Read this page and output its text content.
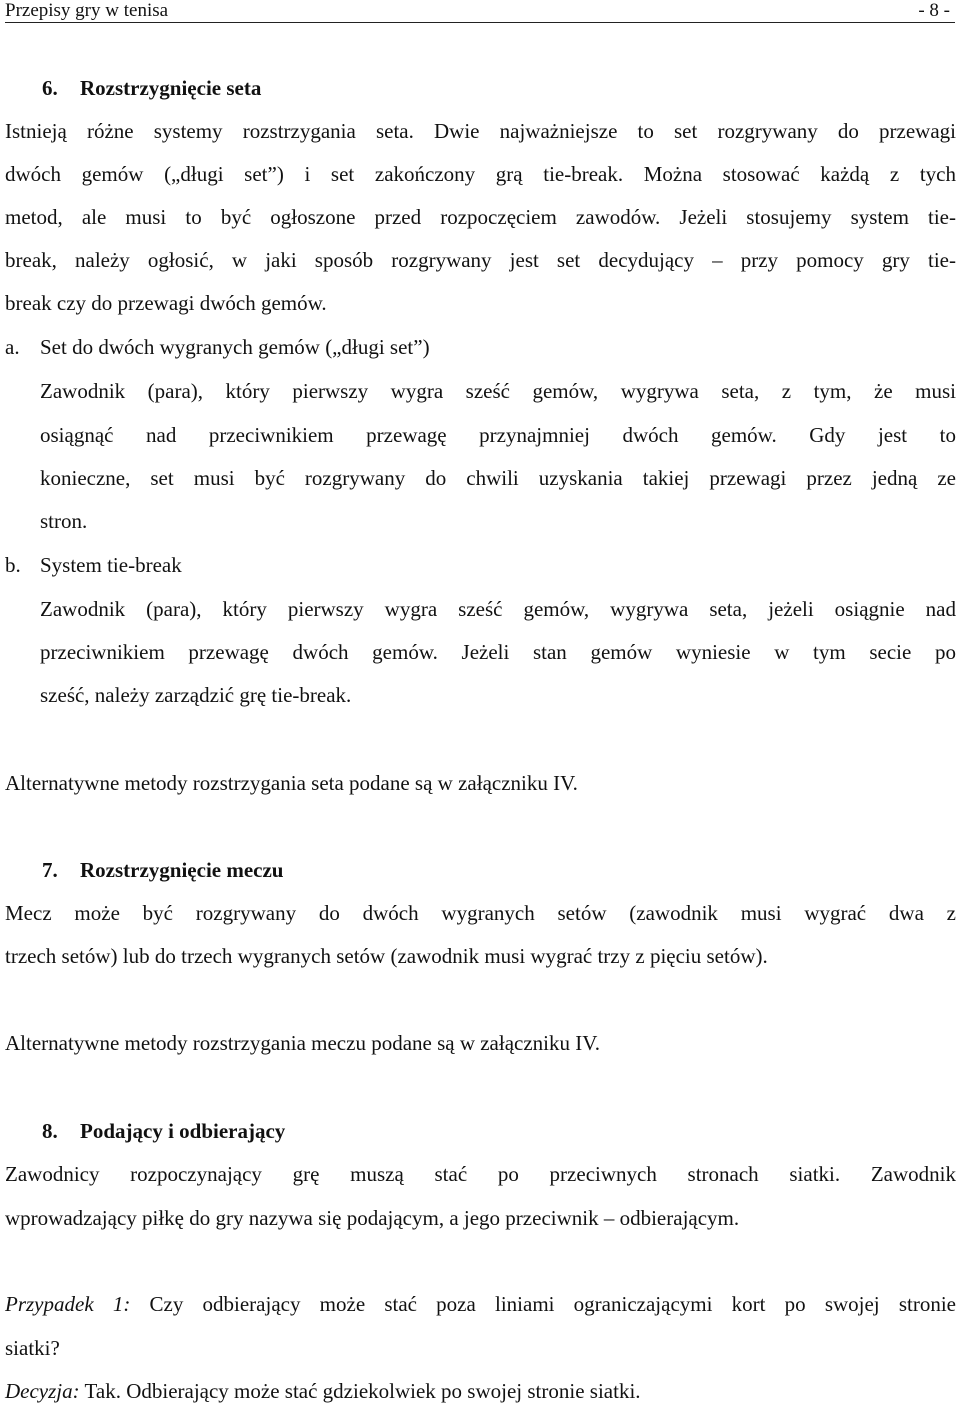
Przepisy gry w tenisa	- 8 -
6. Rozstrzygnięcie seta
Istnieją różne systemy rozstrzygania seta. Dwie najważniejsze to set rozgrywany do przewagi
dwóch gemów („długi set”) i set zakończony grą tie-break. Można stosować każdą z tych
metod, ale musi to być ogłoszone przed rozpoczęciem zawodów. Jeżeli stosujemy system tie-
break, należy ogłosić, w jaki sposób rozgrywany jest set decydujący – przy pomocy gry tie-
break czy do przewagi dwóch gemów.
a. Set do dwóch wygranych gemów („długi set”)
Zawodnik (para), który pierwszy wygra sześć gemów, wygrywa seta, z tym, że musi
osiągnąć nad przeciwnikiem przewagę przynajmniej dwóch gemów. Gdy jest to
konieczne, set musi być rozgrywany do chwili uzyskania takiej przewagi przez jedną ze
stron.
b. System tie-break
Zawodnik (para), który pierwszy wygra sześć gemów, wygrywa seta, jeżeli osiągnie nad
przeciwnikiem przewagę dwóch gemów. Jeżeli stan gemów wyniesie w tym secie po
sześć, należy zarządzić grę tie-break.
Alternatywne metody rozstrzygania seta podane są w załączniku IV.
7. Rozstrzygnięcie meczu
Mecz może być rozgrywany do dwóch wygranych setów (zawodnik musi wygrać dwa z
trzech setów) lub do trzech wygranych setów (zawodnik musi wygrać trzy z pięciu setów).
Alternatywne metody rozstrzygania meczu podane są w załączniku IV.
8. Podający i odbierający
Zawodnicy rozpoczynający grę muszą stać po przeciwnych stronach siatki. Zawodnik
wprowadzający piłkę do gry nazywa się podającym, a jego przeciwnik – odbierającym.
Przypadek 1: Czy odbierający może stać poza liniami ograniczającymi kort po swojej stronie
siatki?
Decyzja: Tak. Odbierający może stać gdziekolwiek po swojej stronie siatki.
